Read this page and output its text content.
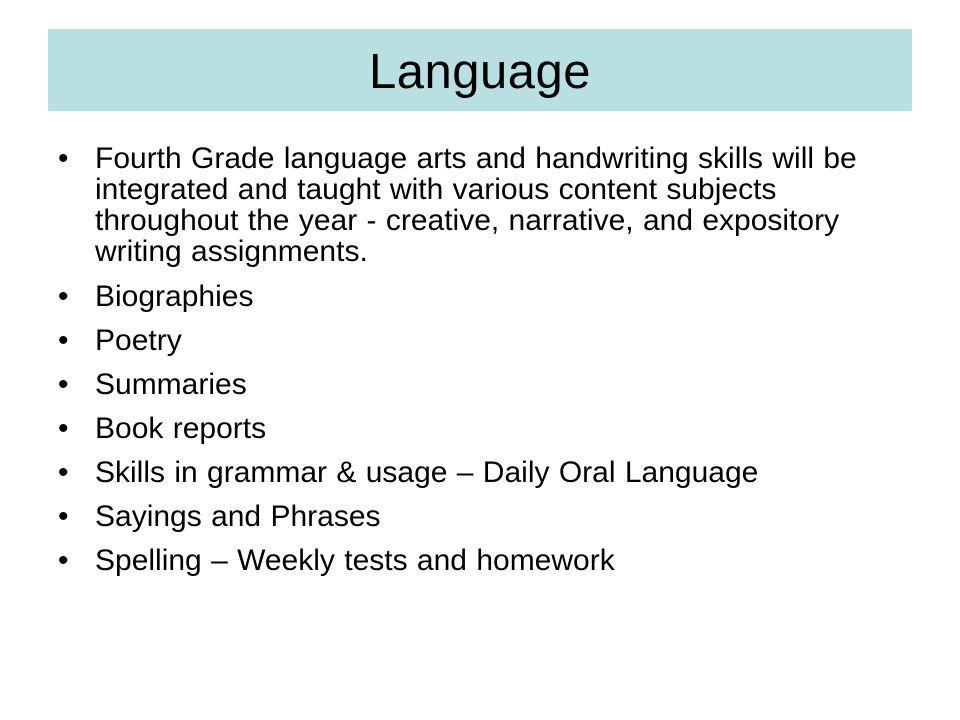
Language
• Fourth Grade language arts and handwriting skills will be integrated and taught with various content subjects throughout the year - creative, narrative, and expository writing assignments.
• Biographies
• Poetry
• Summaries
• Book reports
• Skills in grammar & usage – Daily Oral Language
• Sayings and Phrases
• Spelling – Weekly tests and homework
